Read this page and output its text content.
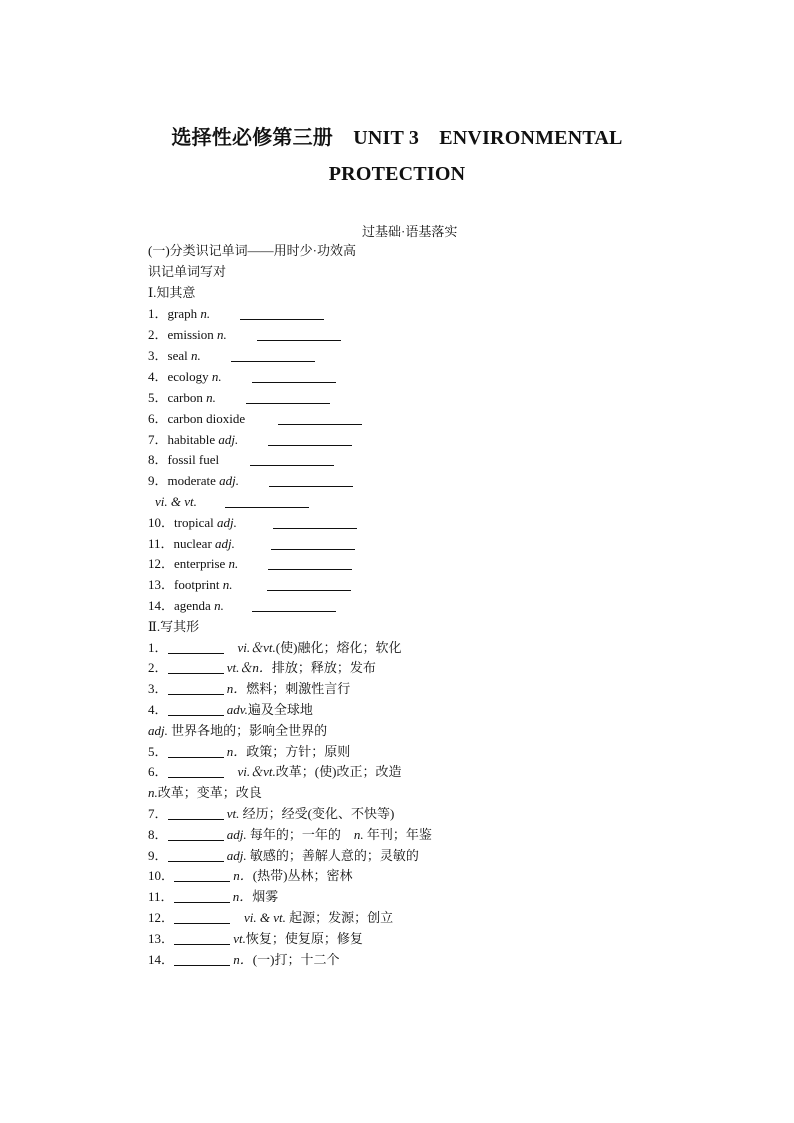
选择性必修第三册　UNIT 3　ENVIRONMENTAL
PROTECTION
过基础·语基落实
(一)分类识记单词——用时少·功效高
识记单词写对
Ⅰ.知其意
1．graph n.
2．emission n.
3．seal n.
4．ecology n.
5．carbon n.
6．carbon dioxide
7．habitable adj.
8．fossil fuel
9．moderate adj.
vi. & vt.
10．tropical adj.
11．nuclear adj.
12．enterprise n.
13．footprint n.
14．agenda n.
Ⅱ.写其形
1．	vi.＆vt.(使)融化；熔化；软化
2．	vt.＆n．排放；释放；发布
3．	n．燃料；刺激性言行
4．	adv.遍及全球地
adj. 世界各地的；影响全世界的
5．	n．政策；方针；原则
6．	vi.＆vt.改革；(使)改正；改造
n.改革；变革；改良
7．	vt. 经历；经受(变化、不快等)
8．	adj. 每年的；一年的　n. 年刊；年鉴
9．	adj. 敏感的；善解人意的；灵敏的
10．	n．(热带)丛林；密林
11．	n．烟雾
12．	vi. & vt. 起源；发源；创立
13．	vt.恢复；使复原；修复
14．	n．(一)打；十二个
